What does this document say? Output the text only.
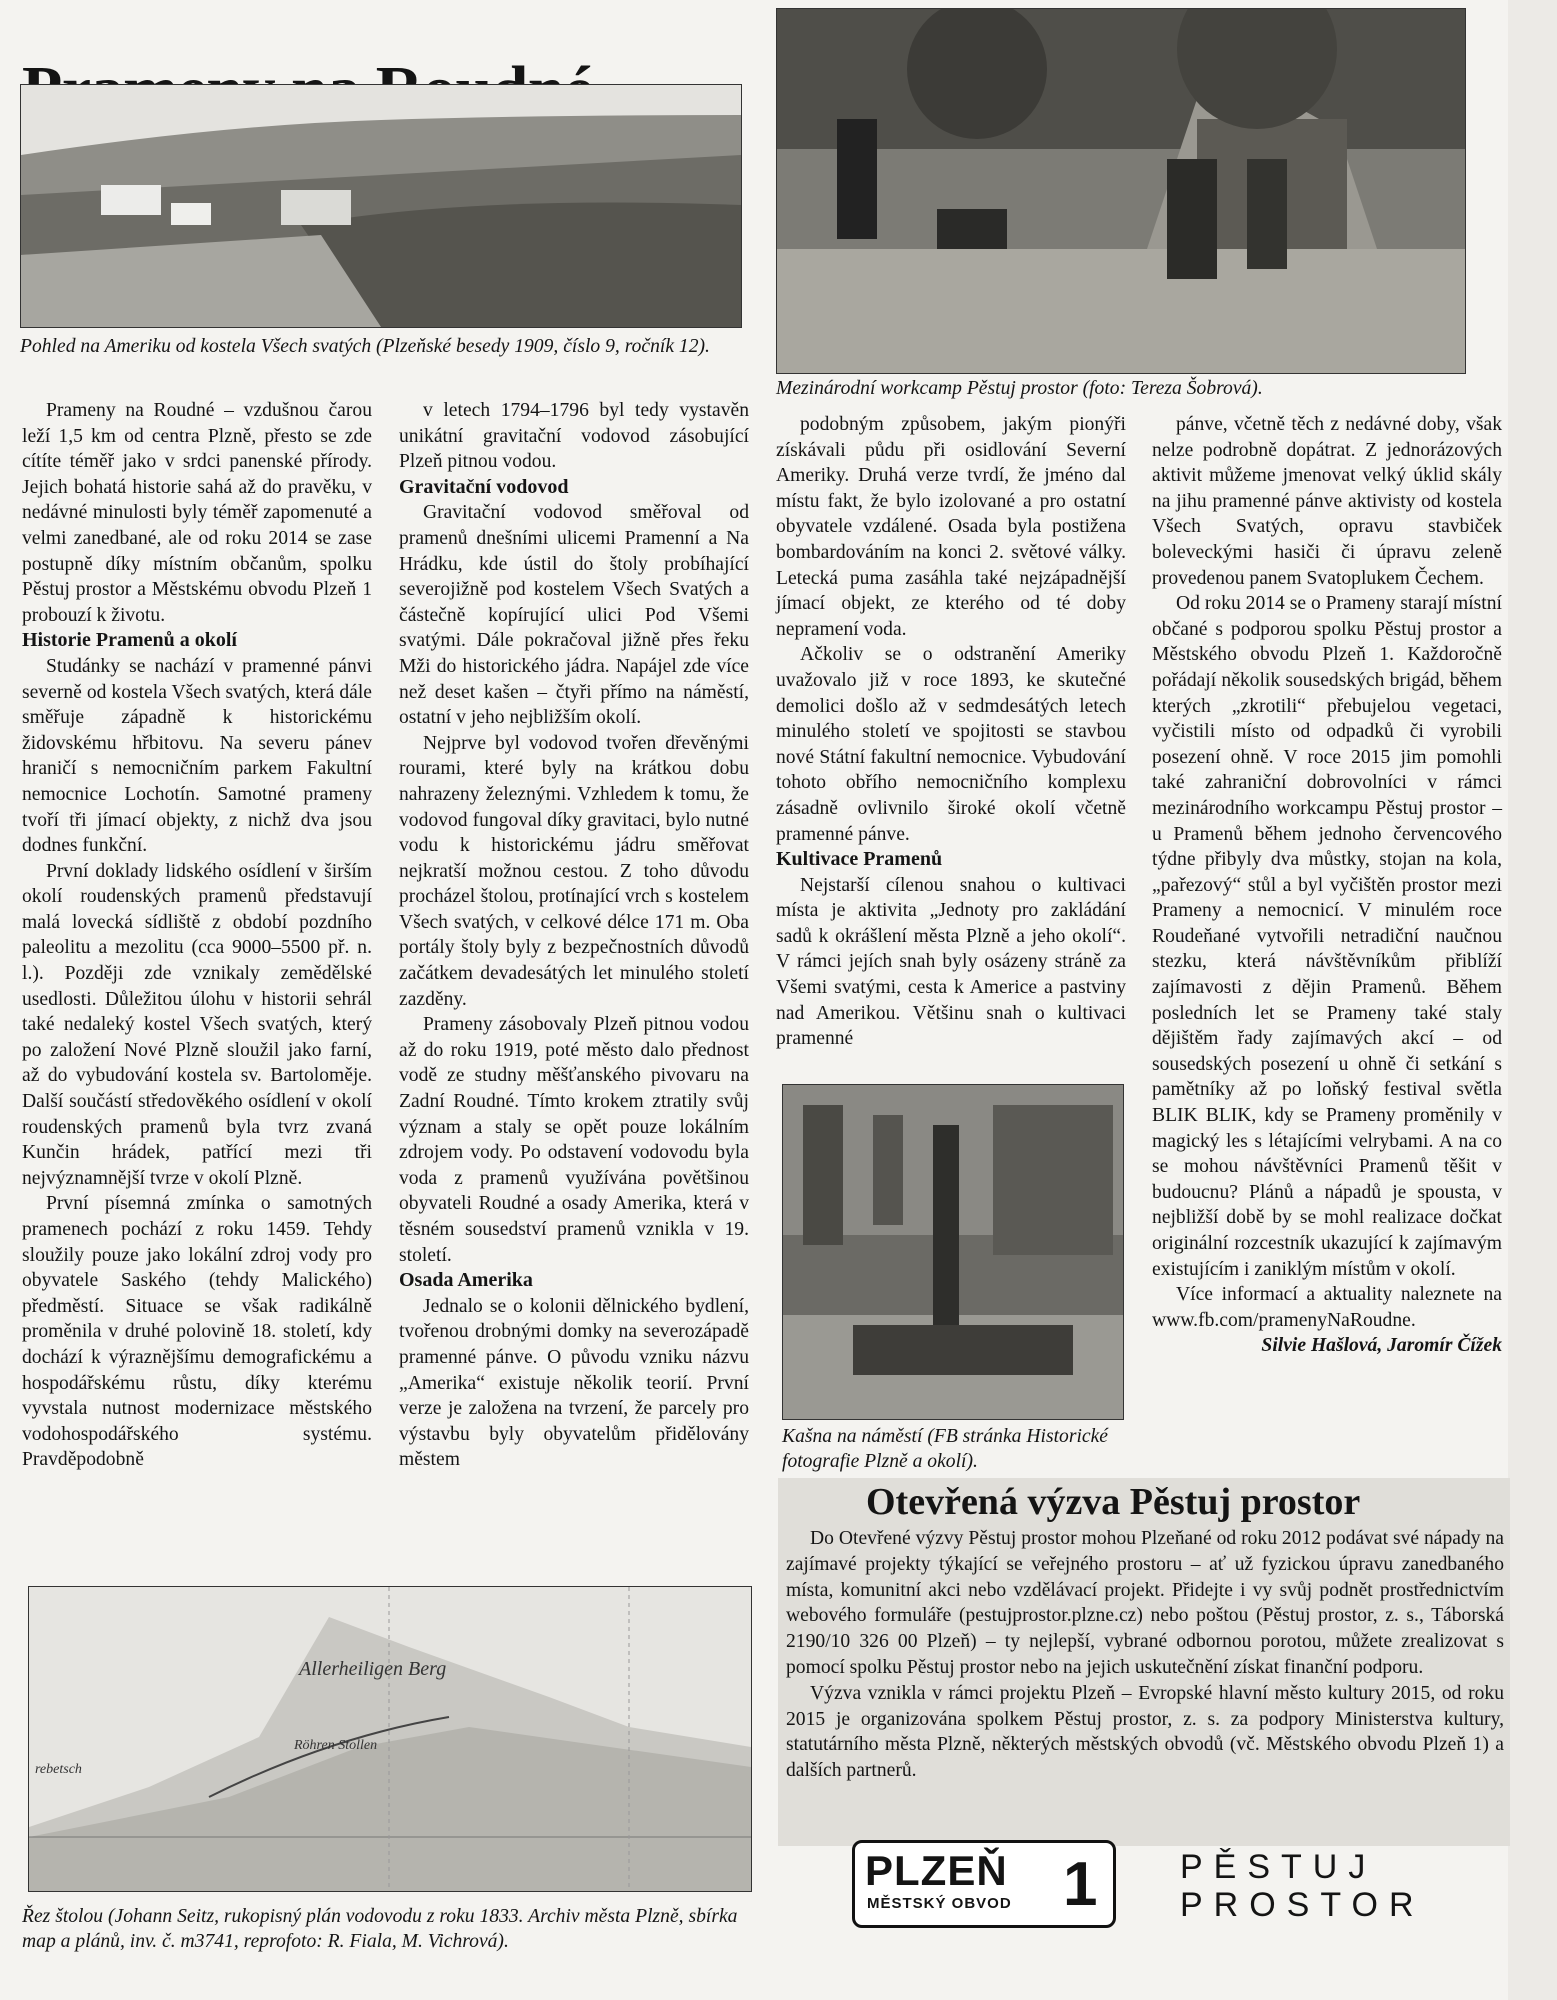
Pohled na Ameriku od kostela Všech svatých (Plzeňské besedy 1909, číslo 9, ročník 12).
Mezinárodní workcamp Pěstuj prostor (foto: Tereza Šobrová).

Prameny na Roudné – vzdušnou čarou leží 1,5 km od centra Plzně, přesto se zde cítíte téměř jako v srdci panenské přírody. Jejich bohatá historie sahá až do pravěku, v nedávné minulosti byly téměř zapomenuté a velmi zanedbané, ale od roku 2014 se zase postupně díky místním občanům, spolku Pěstuj prostor a Městskému obvodu Plzeň 1 probouzí k životu.

Historie Pramenů a okolí

Studánky se nachází v pramenné pánvi severně od kostela Všech svatých, která dále směřuje západně k historickému židovskému hřbitovu. Na severu pánev hraničí s nemocničním parkem Fakultní nemocnice Lochotín. Samotné prameny tvoří tři jímací objekty, z nichž dva jsou dodnes funkční.

První doklady lidského osídlení v širším okolí roudenských pramenů představují malá lovecká sídliště z období pozdního paleolitu a mezolitu (cca 9000–5500 př. n. l.). Později zde vznikaly zemědělské usedlosti. Důležitou úlohu v historii sehrál také nedaleký kostel Všech svatých, který po založení Nové Plzně sloužil jako farní, až do vybudování kostela sv. Bartoloměje. Další součástí středověkého osídlení v okolí roudenských pramenů byla tvrz zvaná Kunčin hrádek, patřící mezi tři nejvýznamnější tvrze v okolí Plzně.

První písemná zmínka o samotných pramenech pochází z roku 1459. Tehdy sloužily pouze jako lokální zdroj vody pro obyvatele Saského (tehdy Malického) předměstí. Situace se však radikálně proměnila v druhé polovině 18. století, kdy dochází k výraznějšímu demografickému a hospodářskému růstu, díky kterému vyvstala nutnost modernizace městského vodohospodářského systému. Pravděpodobně

v letech 1794–1796 byl tedy vystavěn unikátní gravitační vodovod zásobující Plzeň pitnou vodou.

Gravitační vodovod

Gravitační vodovod směřoval od pramenů dnešními ulicemi Pramenní a Na Hrádku, kde ústil do štoly probíhající severojižně pod kostelem Všech Svatých a částečně kopírující ulici Pod Všemi svatými. Dále pokračoval jižně přes řeku Mži do historického jádra. Napájel zde více než deset kašen – čtyři přímo na náměstí, ostatní v jeho nejbližším okolí.

Nejprve byl vodovod tvořen dřevěnými rourami, které byly na krátkou dobu nahrazeny železnými. Vzhledem k tomu, že vodovod fungoval díky gravitaci, bylo nutné vodu k historickému jádru směřovat nejkratší možnou cestou. Z toho důvodu procházel štolou, protínající vrch s kostelem Všech svatých, v celkové délce 171 m. Oba portály štoly byly z bezpečnostních důvodů začátkem devadesátých let minulého století zazděny.

Prameny zásobovaly Plzeň pitnou vodou až do roku 1919, poté město dalo přednost vodě ze studny měšťanského pivovaru na Zadní Roudné. Tímto krokem ztratily svůj význam a staly se opět pouze lokálním zdrojem vody. Po odstavení vodovodu byla voda z pramenů využívána povětšinou obyvateli Roudné a osady Amerika, která v těsném sousedství pramenů vznikla v 19. století.

Osada Amerika

Jednalo se o kolonii dělnického bydlení, tvořenou drobnými domky na severozápadě pramenné pánve. O původu vzniku názvu „Amerika“ existuje několik teorií. První verze je založena na tvrzení, že parcely pro výstavbu byly obyvatelům přidělovány městem

podobným způsobem, jakým pionýři získávali půdu při osidlování Severní Ameriky. Druhá verze tvrdí, že jméno dal místu fakt, že bylo izolované a pro ostatní obyvatele vzdálené. Osada byla postižena bombardováním na konci 2. světové války. Letecká puma zasáhla také nejzápadnější jímací objekt, ze kterého od té doby nepramení voda.

Ačkoliv se o odstranění Ameriky uvažovalo již v roce 1893, ke skutečné demolici došlo až v sedmdesátých letech minulého století ve spojitosti se stavbou nové Státní fakultní nemocnice. Vybudování tohoto obřího nemocničního komplexu zásadně ovlivnilo široké okolí včetně pramenné pánve.

Kultivace Pramenů

Nejstarší cílenou snahou o kultivaci místa je aktivita „Jednoty pro zakládání sadů k okrášlení města Plzně a jeho okolí“. V rámci jejích snah byly osázeny stráně za Všemi svatými, cesta k Americe a pastviny nad Amerikou. Většinu snah o kultivaci pramenné

Kašna na náměstí (FB stránka Historické fotografie Plzně a okolí).

pánve, včetně těch z nedávné doby, však nelze podrobně dopátrat. Z jednorázových aktivit můžeme jmenovat velký úklid skály na jihu pramenné pánve aktivisty od kostela Všech Svatých, opravu stavbiček boleveckými hasiči či úpravu zeleně provedenou panem Svatoplukem Čechem.

Od roku 2014 se o Prameny starají místní občané s podporou spolku Pěstuj prostor a Městského obvodu Plzeň 1. Každoročně pořádají několik sousedských brigád, během kterých „zkrotili“ přebujelou vegetaci, vyčistili místo od odpadků či vyrobili posezení ohně. V roce 2015 jim pomohli také zahraniční dobrovolníci v rámci mezinárodního workcampu Pěstuj prostor – u Pramenů během jednoho červencového týdne přibyly dva můstky, stojan na kola, „pařezový“ stůl a byl vyčištěn prostor mezi Prameny a nemocnicí. V minulém roce Roudeňané vytvořili netradiční naučnou stezku, která návštěvníkům přiblíží zajímavosti z dějin Pramenů. Během posledních let se Prameny také staly dějištěm řady zajímavých akcí – od sousedských posezení u ohně či setkání s pamětníky až po loňský festival světla BLIK BLIK, kdy se Prameny proměnily v magický les s létajícími velrybami. A na co se mohou návštěvníci Pramenů těšit v budoucnu? Plánů a nápadů je spousta, v nejbližší době by se mohl realizace dočkat originální rozcestník ukazující k zajímavým existujícím i zaniklým místům v okolí.

Více informací a aktuality naleznete na www.fb.com/pramenyNaRoudne.

Silvie Hašlová, Jaromír Čížek

Allerheiligen Berg
Röhren Stollen
rebetsch
Řez štolou (Johann Seitz, rukopisný plán vodovodu z roku 1833. Archiv města Plzně, sbírka map a plánů, inv. č. m3741, reprofoto: R. Fiala, M. Vichrová).
Otevřená výzva Pěstuj prostor

Do Otevřené výzvy Pěstuj prostor mohou Plzeňané od roku 2012 podávat své nápady na zajímavé projekty týkající se veřejného prostoru – ať už fyzickou úpravu zanedbaného místa, komunitní akci nebo vzdělávací projekt. Přidejte i vy svůj podnět prostřednictvím webového formuláře (pestujprostor.plzne.cz) nebo poštou (Pěstuj prostor, z. s., Táborská 2190/10 326 00 Plzeň) – ty nejlepší, vybrané odbornou porotou, můžete zrealizovat s pomocí spolku Pěstuj prostor nebo na jejich uskutečnění získat finanční podporu.

Výzva vznikla v rámci projektu Plzeň – Evropské hlavní město kultury 2015, od roku 2015 je organizována spolkem Pěstuj prostor, z. s. za podpory Ministerstva kultury, statutárního města Plzně, některých městských obvodů (vč. Městského obvodu Plzeň 1) a dalších partnerů.

PLZEŇ
MĚSTSKÝ OBVOD 1 PĚSTUJ
PROSTOR
